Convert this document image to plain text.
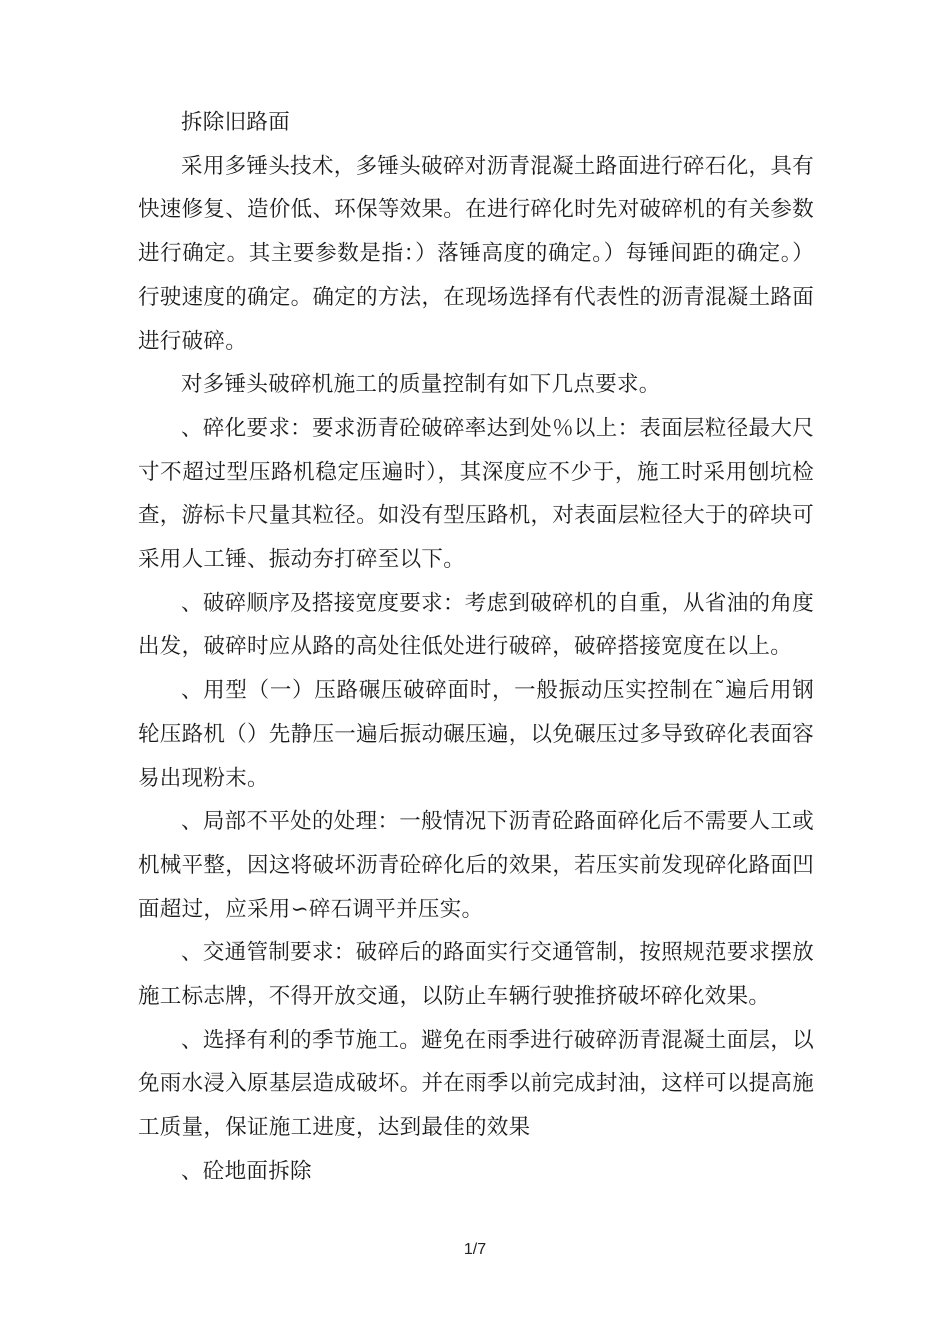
拆除旧路面

采用多锤头技术，多锤头破碎对沥青混凝土路面进行碎石化，具有快速修复、造价低、环保等效果。在进行碎化时先对破碎机的有关参数进行确定。其主要参数是指：）落锤高度的确定。）每锤间距的确定。）行驶速度的确定。确定的方法，在现场选择有代表性的沥青混凝土路面进行破碎。

对多锤头破碎机施工的质量控制有如下几点要求。

、碎化要求：要求沥青砼破碎率达到处％以上：表面层粒径最大尺寸不超过型压路机稳定压遍时），其深度应不少于，施工时采用刨坑检查，游标卡尺量其粒径。如没有型压路机，对表面层粒径大于的碎块可采用人工锤、振动夯打碎至以下。

、破碎顺序及搭接宽度要求：考虑到破碎机的自重，从省油的角度出发，破碎时应从路的高处往低处进行破碎，破碎搭接宽度在以上。

、用型（一）压路碾压破碎面时，一般振动压实控制在˜遍后用钢轮压路机（）先静压一遍后振动碾压遍，以免碾压过多导致碎化表面容易出现粉末。

、局部不平处的处理：一般情况下沥青砼路面碎化后不需要人工或机械平整，因这将破坏沥青砼碎化后的效果，若压实前发现碎化路面凹面超过，应采用∽碎石调平并压实。

、交通管制要求：破碎后的路面实行交通管制，按照规范要求摆放施工标志牌，不得开放交通，以防止车辆行驶推挤破坏碎化效果。

、选择有利的季节施工。避免在雨季进行破碎沥青混凝土面层，以免雨水浸入原基层造成破坏。并在雨季以前完成封油，这样可以提高施工质量，保证施工进度，达到最佳的效果

、砼地面拆除

1/7
